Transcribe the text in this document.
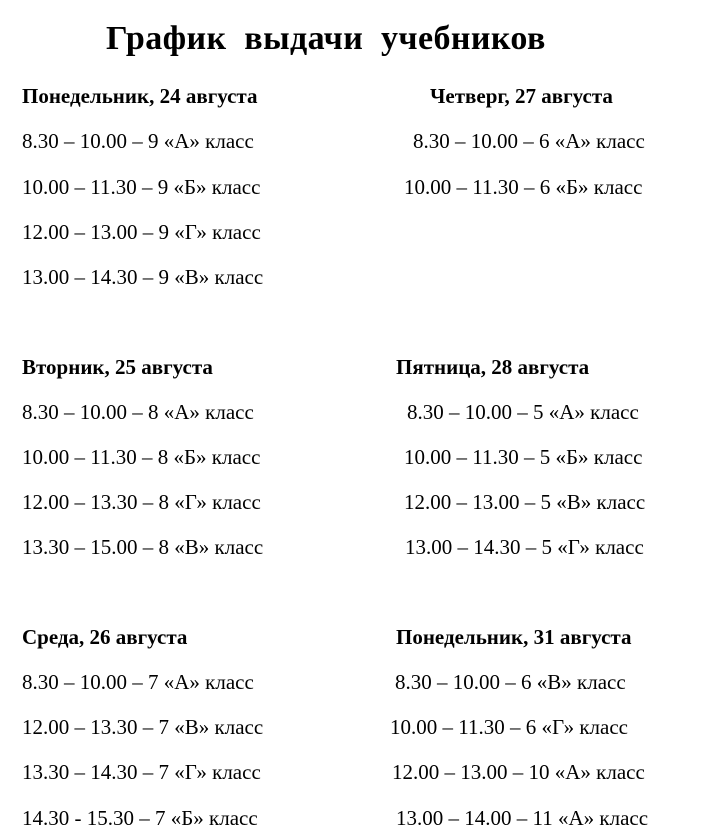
График  выдачи  учебников
Понедельник, 24 августа
8.30 – 10.00 – 9 «А» класс
10.00 – 11.30 – 9 «Б» класс
12.00 – 13.00 – 9 «Г» класс
13.00 – 14.30 – 9 «В» класс
Четверг, 27 августа
8.30 – 10.00 – 6 «А» класс
10.00 – 11.30 – 6 «Б» класс
Вторник, 25 августа
8.30 – 10.00 – 8 «А» класс
10.00 – 11.30 – 8 «Б» класс
12.00 – 13.30 – 8 «Г» класс
13.30 – 15.00 – 8 «В» класс
Пятница, 28 августа
8.30 – 10.00 – 5 «А» класс
10.00 – 11.30 – 5 «Б» класс
12.00 – 13.00 – 5 «В» класс
13.00 – 14.30 – 5 «Г» класс
Среда, 26 августа
8.30 – 10.00 – 7 «А» класс
12.00 – 13.30 – 7 «В» класс
13.30 – 14.30 – 7 «Г» класс
14.30 - 15.30 – 7 «Б» класс
Понедельник, 31 августа
8.30 – 10.00 – 6 «В» класс
10.00 – 11.30 – 6 «Г» класс
12.00 – 13.00 – 10 «А» класс
13.00 – 14.00 – 11 «А» класс
